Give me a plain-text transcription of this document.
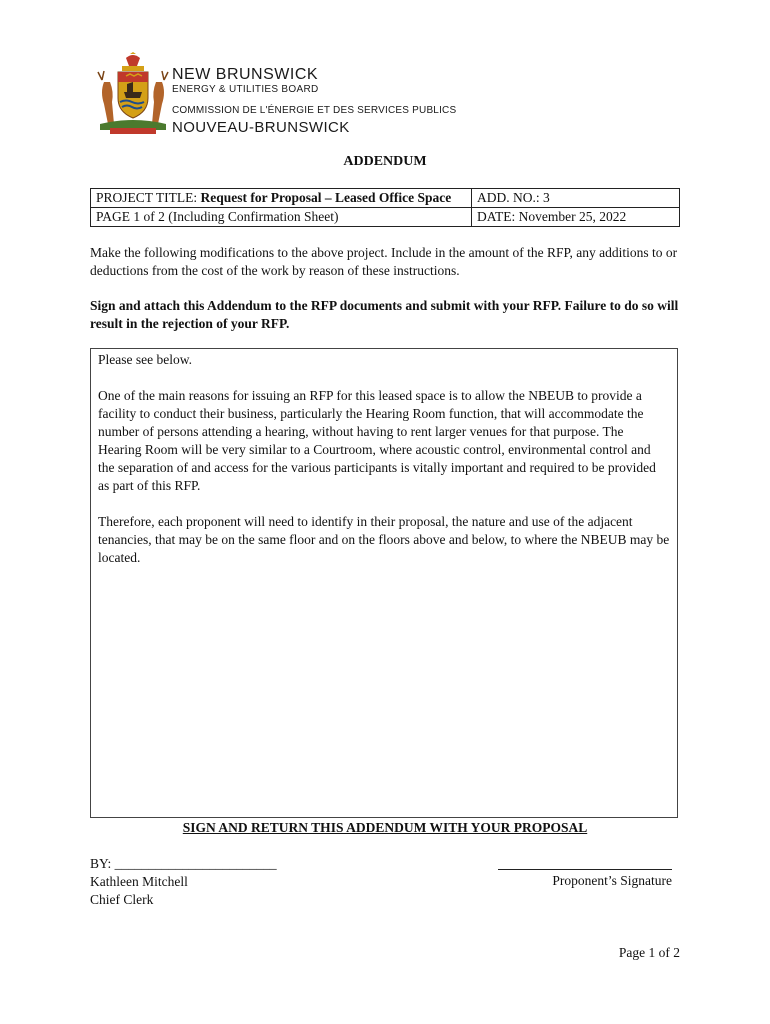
NEW BRUNSWICK
ENERGY & UTILITIES BOARD
COMMISSION DE L'ÉNERGIE ET DES SERVICES PUBLICS
NOUVEAU-BRUNSWICK
ADDENDUM
PROJECT TITLE: Request for Proposal – Leased Office Space	ADD. NO.: 3
PAGE 1 of 2 (Including Confirmation Sheet)	DATE: November 25, 2022
Make the following modifications to the above project. Include in the amount of the RFP, any additions to or deductions from the cost of the work by reason of these instructions.
Sign and attach this Addendum to the RFP documents and submit with your RFP. Failure to do so will result in the rejection of your RFP.

Please see below.

One of the main reasons for issuing an RFP for this leased space is to allow the NBEUB to provide a facility to conduct their business, particularly the Hearing Room function, that will accommodate the number of persons attending a hearing, without having to rent larger venues for that purpose. The Hearing Room will be very similar to a Courtroom, where acoustic control, environmental control and the separation of and access for the various participants is vitally important and required to be provided as part of this RFP.

Therefore, each proponent will need to identify in their proposal, the nature and use of the adjacent tenancies, that may be on the same floor and on the floors above and below, to where the NBEUB may be located.

SIGN AND RETURN THIS ADDENDUM WITH YOUR PROPOSAL
BY: ________________________
Kathleen Mitchell
Chief Clerk
Proponent’s Signature
Page 1 of 2
